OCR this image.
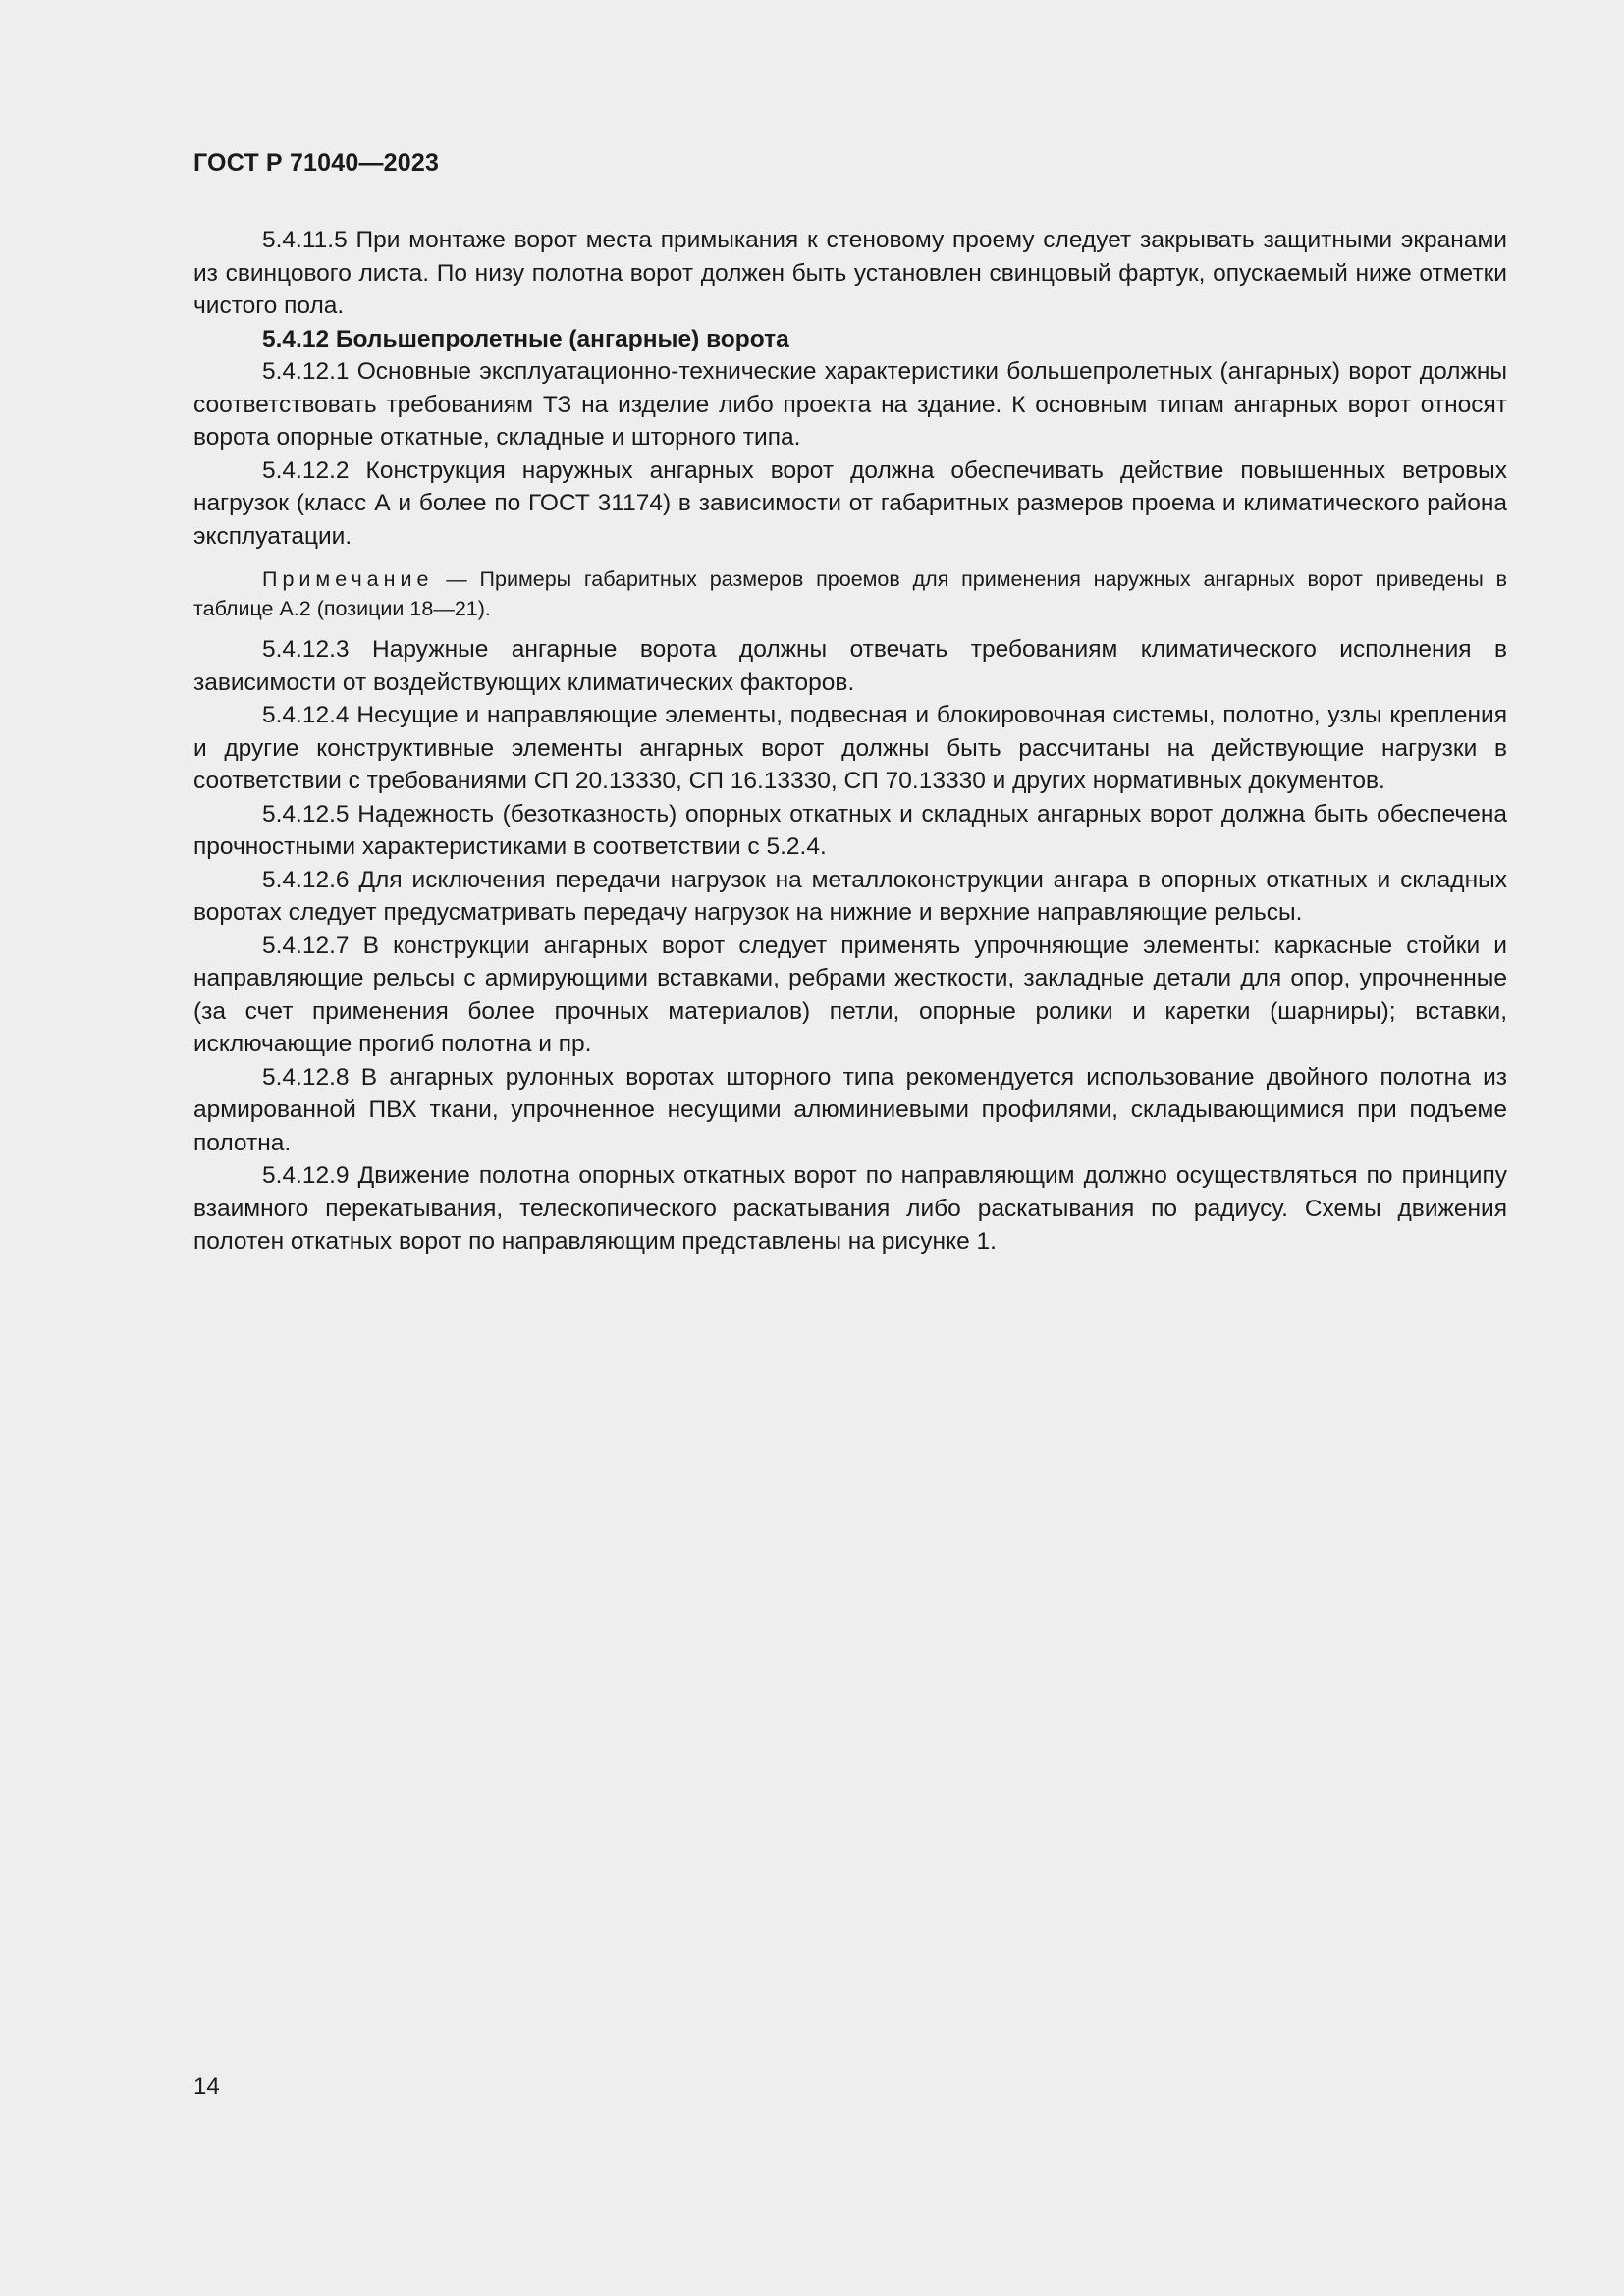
ГОСТ Р 71040—2023

5.4.11.5 При монтаже ворот места примыкания к стеновому проему следует закрывать защитными экранами из свинцового листа. По низу полотна ворот должен быть установлен свинцовый фартук, опускаемый ниже отметки чистого пола.

5.4.12 Большепролетные (ангарные) ворота

5.4.12.1 Основные эксплуатационно-технические характеристики большепролетных (ангарных) ворот должны соответствовать требованиям ТЗ на изделие либо проекта на здание. К основным типам ангарных ворот относят ворота опорные откатные, складные и шторного типа.

5.4.12.2 Конструкция наружных ангарных ворот должна обеспечивать действие повышенных ветровых нагрузок (класс А и более по ГОСТ 31174) в зависимости от габаритных размеров проема и климатического района эксплуатации.

Примечание — Примеры габаритных размеров проемов для применения наружных ангарных ворот приведены в таблице А.2 (позиции 18—21).

5.4.12.3 Наружные ангарные ворота должны отвечать требованиям климатического исполнения в зависимости от воздействующих климатических факторов.

5.4.12.4 Несущие и направляющие элементы, подвесная и блокировочная системы, полотно, узлы крепления и другие конструктивные элементы ангарных ворот должны быть рассчитаны на действующие нагрузки в соответствии с требованиями СП 20.13330, СП 16.13330, СП 70.13330 и других нормативных документов.

5.4.12.5 Надежность (безотказность) опорных откатных и складных ангарных ворот должна быть обеспечена прочностными характеристиками в соответствии с 5.2.4.

5.4.12.6 Для исключения передачи нагрузок на металлоконструкции ангара в опорных откатных и складных воротах следует предусматривать передачу нагрузок на нижние и верхние направляющие рельсы.

5.4.12.7 В конструкции ангарных ворот следует применять упрочняющие элементы: каркасные стойки и направляющие рельсы с армирующими вставками, ребрами жесткости, закладные детали для опор, упрочненные (за счет применения более прочных материалов) петли, опорные ролики и каретки (шарниры); вставки, исключающие прогиб полотна и пр.

5.4.12.8 В ангарных рулонных воротах шторного типа рекомендуется использование двойного полотна из армированной ПВХ ткани, упрочненное несущими алюминиевыми профилями, складывающимися при подъеме полотна.

5.4.12.9 Движение полотна опорных откатных ворот по направляющим должно осуществляться по принципу взаимного перекатывания, телескопического раскатывания либо раскатывания по радиусу. Схемы движения полотен откатных ворот по направляющим представлены на рисунке 1.

14
